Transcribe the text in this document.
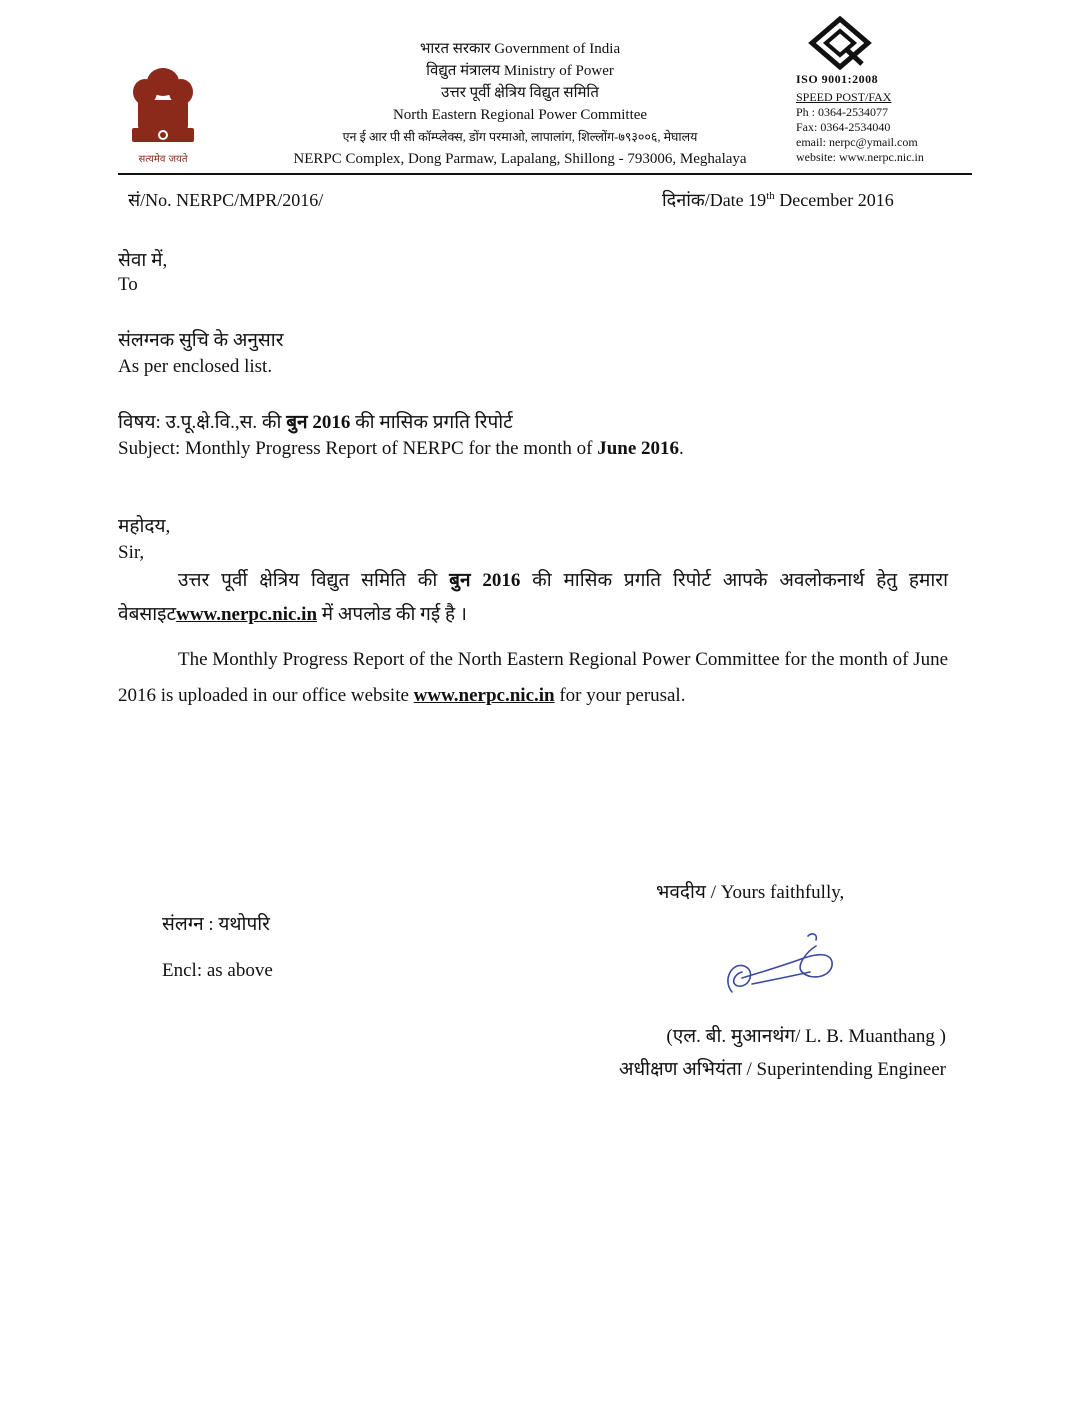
सत्यमेव जयते
भारत सरकार Government of India
विद्युत मंत्रालय Ministry of Power
उत्तर पूर्वी क्षेत्रिय विद्युत समिति
North Eastern Regional Power Committee
एन ई आर पी सी कॉम्प्लेक्स, डोंग परमाओ, लापालांग, शिल्लोंग-७९३००६, मेघालय
NERPC Complex, Dong Parmaw, Lapalang, Shillong - 793006, Meghalaya
ISO 9001:2008
SPEED POST/FAX
Ph : 0364-2534077
Fax: 0364-2534040
email: nerpc@ymail.com
website: www.nerpc.nic.in
सं/No. NERPC/MPR/2016/	दिनांक/Date 19th December 2016
सेवा में,
To
संलग्नक सुचि के अनुसार
As per enclosed list.
विषय: उ.पू.क्षे.वि.,स. की बुन 2016 की मासिक प्रगति रिपोर्ट
Subject: Monthly Progress Report of NERPC for the month of June 2016.
महोदय,
Sir,
उत्तर पूर्वी क्षेत्रिय विद्युत समिति की बुन 2016 की मासिक प्रगति रिपोर्ट आपके अवलोकनार्थ हेतु हमारा वेबसाइटwww.nerpc.nic.in में अपलोड की गई है ।
The Monthly Progress Report of the North Eastern Regional Power Committee for the month of June 2016 is uploaded in our office website www.nerpc.nic.in for your perusal.
भवदीय / Yours faithfully,
संलग्न : यथोपरि
Encl: as above
(एल. बी. मुआनथंग/ L. B. Muanthang )
अधीक्षण अभियंता / Superintending Engineer
